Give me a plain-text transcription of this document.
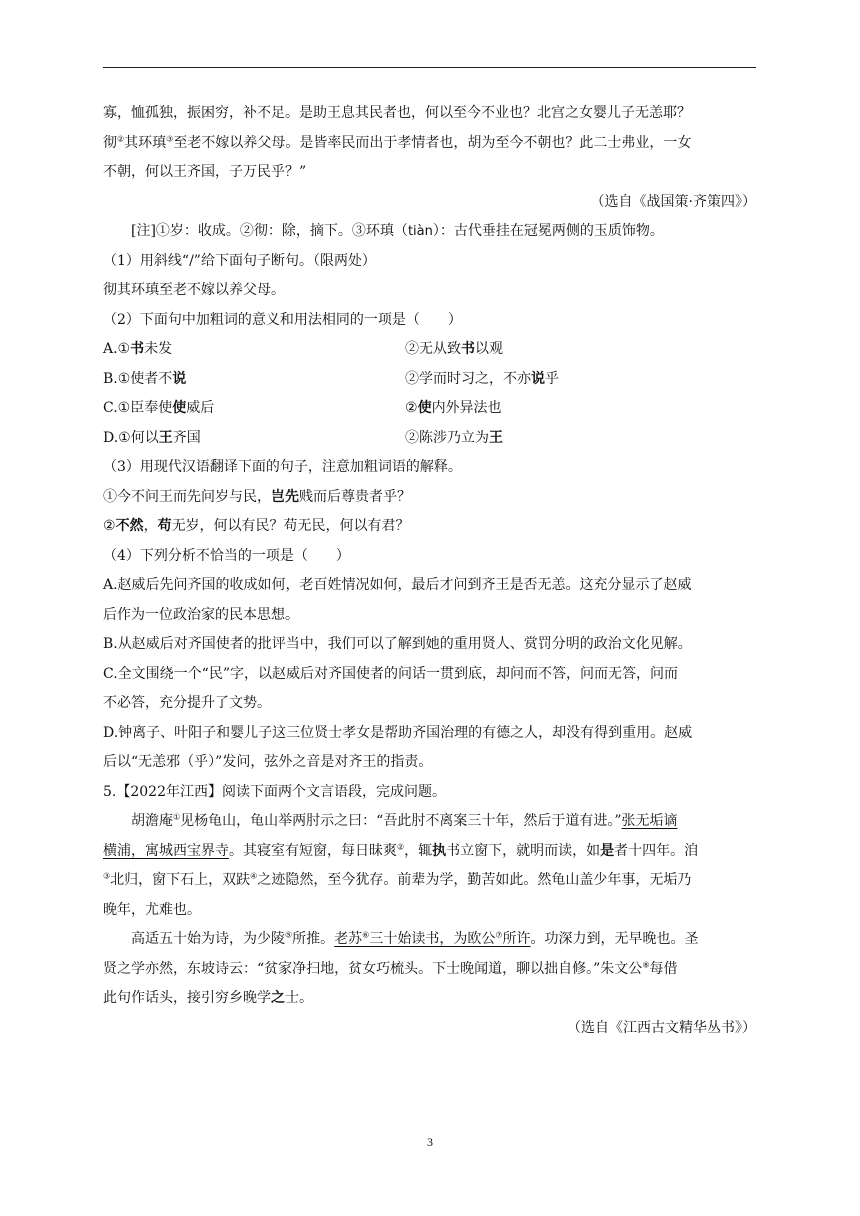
寡，恤孤独，振困穷，补不足。是助王息其民者也，何以至今不业也？北宫之女婴儿子无恙耶？
彻②其环瑱③至老不嫁以养父母。是皆率民而出于孝情者也，胡为至今不朝也？此二士弗业，一女
不朝，何以王齐国，子万民乎？”
（选自《战国策·齐策四》）
[注]①岁：收成。②彻：除，摘下。③环瑱（tiàn）：古代垂挂在冠冕两侧的玉质饰物。
（1）用斜线“/”给下面句子断句。（限两处）
彻其环瑱至老不嫁以养父母。
（2）下面句中加粗词的意义和用法相同的一项是（　　）
A.①书未发	②无从致书以观
B.①使者不说	②学而时习之，不亦说乎
C.①臣奉使使威后	②使内外异法也
D.①何以王齐国	②陈涉乃立为王
（3）用现代汉语翻译下面的句子，注意加粗词语的解释。
①今不问王而先问岁与民，岂先贱而后尊贵者乎？
②不然，苟无岁，何以有民？苟无民，何以有君？
（4）下列分析不恰当的一项是（　　）
A.赵威后先问齐国的收成如何，老百姓情况如何，最后才问到齐王是否无恙。这充分显示了赵威
后作为一位政治家的民本思想。
B.从赵威后对齐国使者的批评当中，我们可以了解到她的重用贤人、赏罚分明的政治文化见解。
C.全文围绕一个“民”字，以赵威后对齐国使者的问话一贯到底，却问而不答，问而无答，问而
不必答，充分提升了文势。
D.钟离子、叶阳子和婴儿子这三位贤士孝女是帮助齐国治理的有德之人，却没有得到重用。赵威
后以“无恙邪（乎）”发问，弦外之音是对齐王的指责。
5.【2022年江西】阅读下面两个文言语段，完成问题。
胡澹庵①见杨龟山，龟山举两肘示之曰：“吾此肘不离案三十年，然后于道有进。”张无垢谪
横浦，寓城西宝界寺。其寝室有短窗，每日昧爽②，辄执书立窗下，就明而读，如是者十四年。洎
③北归，窗下石上，双趺④之迹隐然，至今犹存。前辈为学，勤苦如此。然龟山盖少年事，无垢乃
晚年，尤难也。
高适五十始为诗，为少陵⑤所推。老苏⑥三十始读书，为欧公⑦所许。功深力到，无早晚也。圣
贤之学亦然，东坡诗云：“贫家净扫地，贫女巧梳头。下士晚闻道，聊以拙自修。”朱文公⑧每借
此句作话头，接引穷乡晚学之士。
（选自《江西古文精华丛书》）
3
